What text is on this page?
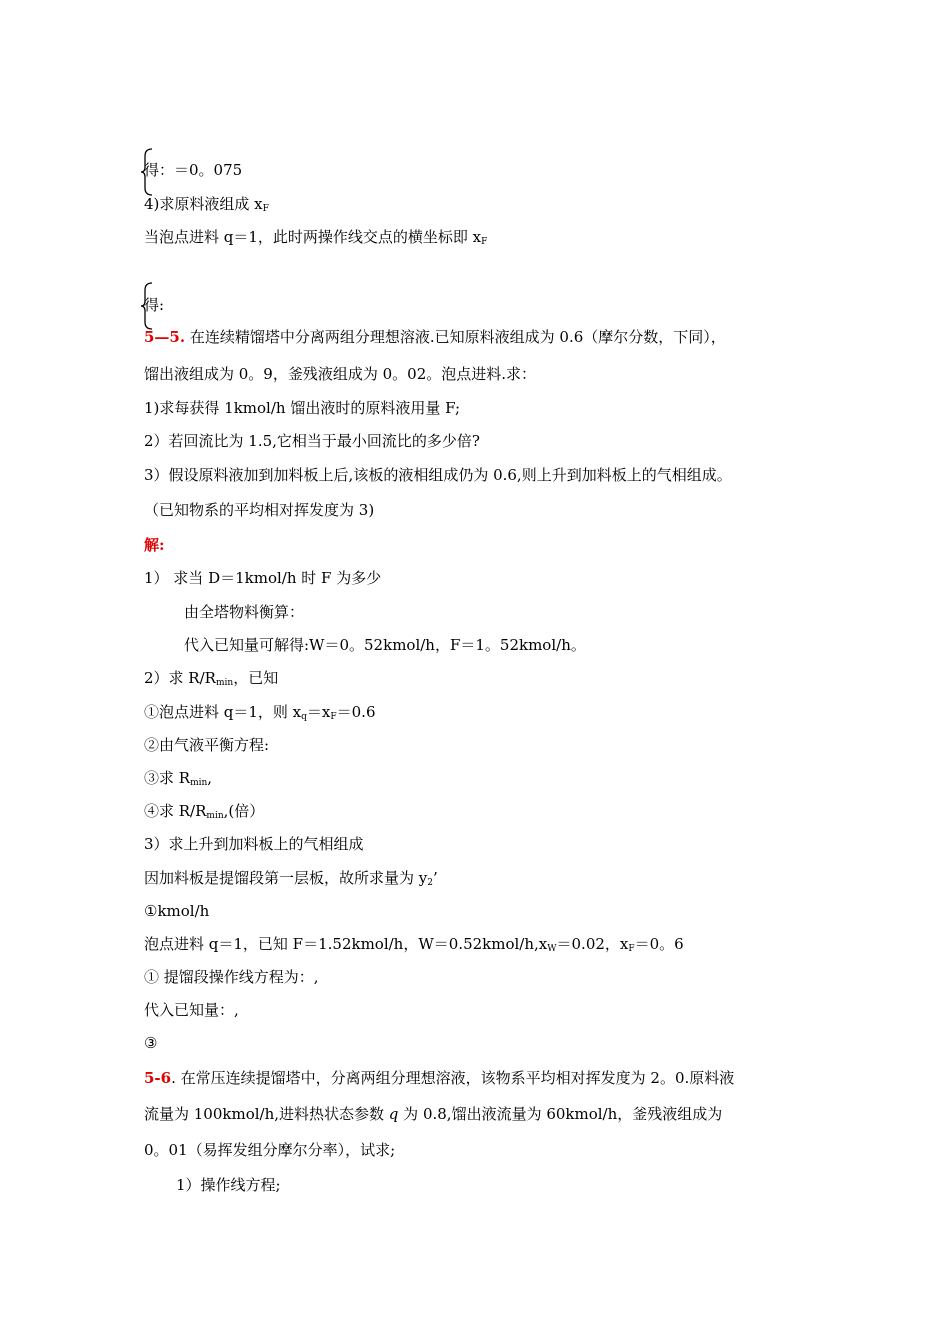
得：＝0。075
4)求原料液组成 $x_F$
当泡点进料 q＝1，此时两操作线交点的横坐标即 $x_F$
得:
5—5. 在连续精馏塔中分离两组分理想溶液.已知原料液组成为 0.6（摩尔分数，下同），
馏出液组成为 0。9，釜残液组成为 0。02。泡点进料.求：
1)求每获得 1kmol/h 馏出液时的原料液用量 F;
2）若回流比为 1.5,它相当于最小回流比的多少倍?
3）假设原料液加到加料板上后,该板的液相组成仍为 0.6,则上升到加料板上的气相组成。
（已知物系的平均相对挥发度为 3)
解:
1） 求当 D＝1kmol/h 时 F 为多少
由全塔物料衡算：
代入已知量可解得:W＝0。52kmol/h，F＝1。52kmol/h。
2）求 $R/R_{min}$，已知
①泡点进料 q＝1，则 $x_q=x_F=0.6$
②由气液平衡方程:
③求 $R_{min}$,
④求 $R/R_{min}$,(倍）
3）求上升到加料板上的气相组成
因加料板是提馏段第一层板，故所求量为 $y_2$’
①kmol/h
泡点进料 q＝1，已知 F＝1.52kmol/h，$W=0.52kmol/h,x_W=0.02$，$x_F=0$。6
① 提馏段操作线方程为：,
代入已知量：,
③
5-6. 在常压连续提馏塔中，分离两组分理想溶液，该物系平均相对挥发度为 2。0.原料液
流量为 100kmol/h,进料热状态参数 q 为 0.8,馏出液流量为 60kmol/h，釜残液组成为
0。01（易挥发组分摩尔分率），试求;
1）操作线方程;
